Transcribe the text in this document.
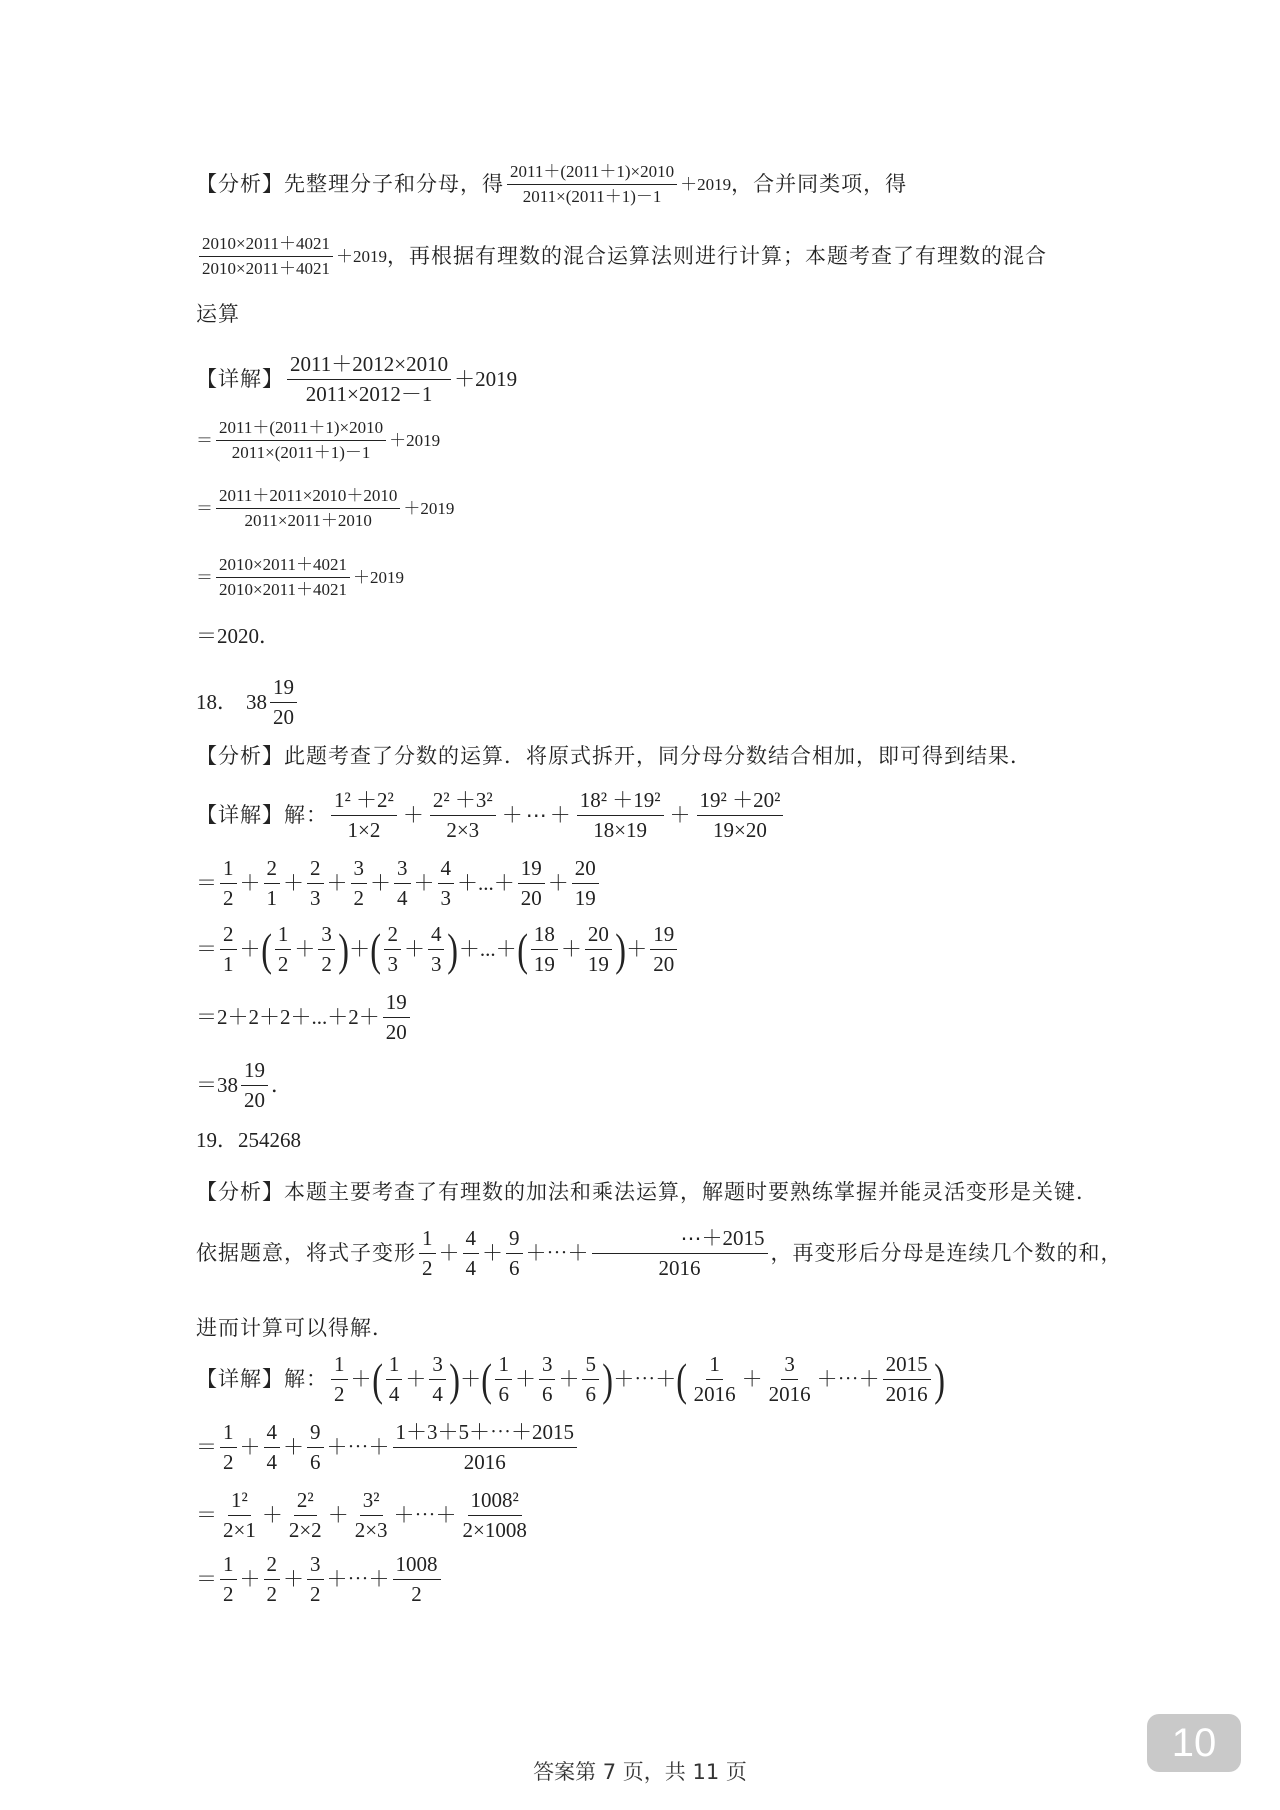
【分析】 先整理分子和分母，得 $\frac{2011+(2011+1)\times 2010}{2011\times(2011+1)-1} +2019$ ，合并同类项，得
$\frac{2010\times 2011+4021}{2010\times 2011+4021} +2019$ ，再根据有理数的混合运算法则进行计算；本题考查了有理数的混合
运算
【详解】 $\frac{2011+2012\times 2010}{2011\times 2012-1} +2019$
＝ $\frac{2011+(2011+1)\times 2010}{2011\times(2011+1)-1} +2019$
＝ $\frac{2011+2011\times 2010+2010}{2011\times 2011+2010} +2019$
＝ $\frac{2010\times 2011+4021}{2010\times 2011+4021} +2019$
＝2020．
18． $38 \frac{19}{20}$
【分析】 此题考查了分数的运算．将原式拆开，同分母分数结合相加，即可得到结果．
【详解】 解： $\frac{\text{1² ＋2²}}{1\times 2} + \frac{\text{2² ＋3²}}{2\times 3}$ ＋ ⋯ ＋ $\frac{\text{18² ＋19²}}{18\times 19} + \frac{\text{19² ＋20²}}{19\times 20}$
＝ $\frac{1}{2} + \frac{2}{1} + \frac{2}{3} + \frac{3}{2} + \frac{3}{4} + \frac{4}{3}$ ＋ ... ＋ $\frac{19}{20} + \frac{20}{19}$
＝ $\frac{2}{1}$ ＋ ( $\frac{1}{2} + \frac{3}{2}$ ) ＋ ( $\frac{2}{3} + \frac{4}{3}$ ) ＋ ... ＋ ( $\frac{18}{19} + \frac{20}{19}$ ) ＋ $\frac{19}{20}$
$=2+2+2+...+2+ \frac{19}{20}$
$=38 \frac{19}{20}$ ．
19．254268
【分析】 本题主要考查了有理数的加法和乘法运算，解题时要熟练掌握并能灵活变形是关键．
依据题意，将式子变形 $\frac{1}{2} + \frac{4}{4} + \frac{9}{6}$ ＋⋯＋ $\frac{\cdots+2015}{2016}$ ，再变形后分母是连续几个数的和，
进而计算可以得解．
【详解】 解： $\frac{1}{2}$ ＋ ( $\frac{1}{4} + \frac{3}{4}$ ) ＋ ( $\frac{1}{6} + \frac{3}{6} + \frac{5}{6}$ ) ＋⋯＋ ( $\frac{1}{2016} + \frac{3}{2016}$ ＋⋯＋ $\frac{2015}{2016}$ )
＝ $\frac{1}{2} + \frac{4}{4} + \frac{9}{6}$ ＋⋯＋ $\frac{1+3+5+\cdots+2015}{2016}$
＝ $\frac{\text{1²}}{2\times 1} + \frac{\text{2²}}{2\times 2} + \frac{\text{3²}}{2\times 3}$ ＋⋯＋ $\frac{\text{1008²}}{2\times 1008}$
＝ $\frac{1}{2} + \frac{2}{2} + \frac{3}{2}$ ＋⋯＋ $\frac{1008}{2}$
答案第 7 页，共 11 页
10
